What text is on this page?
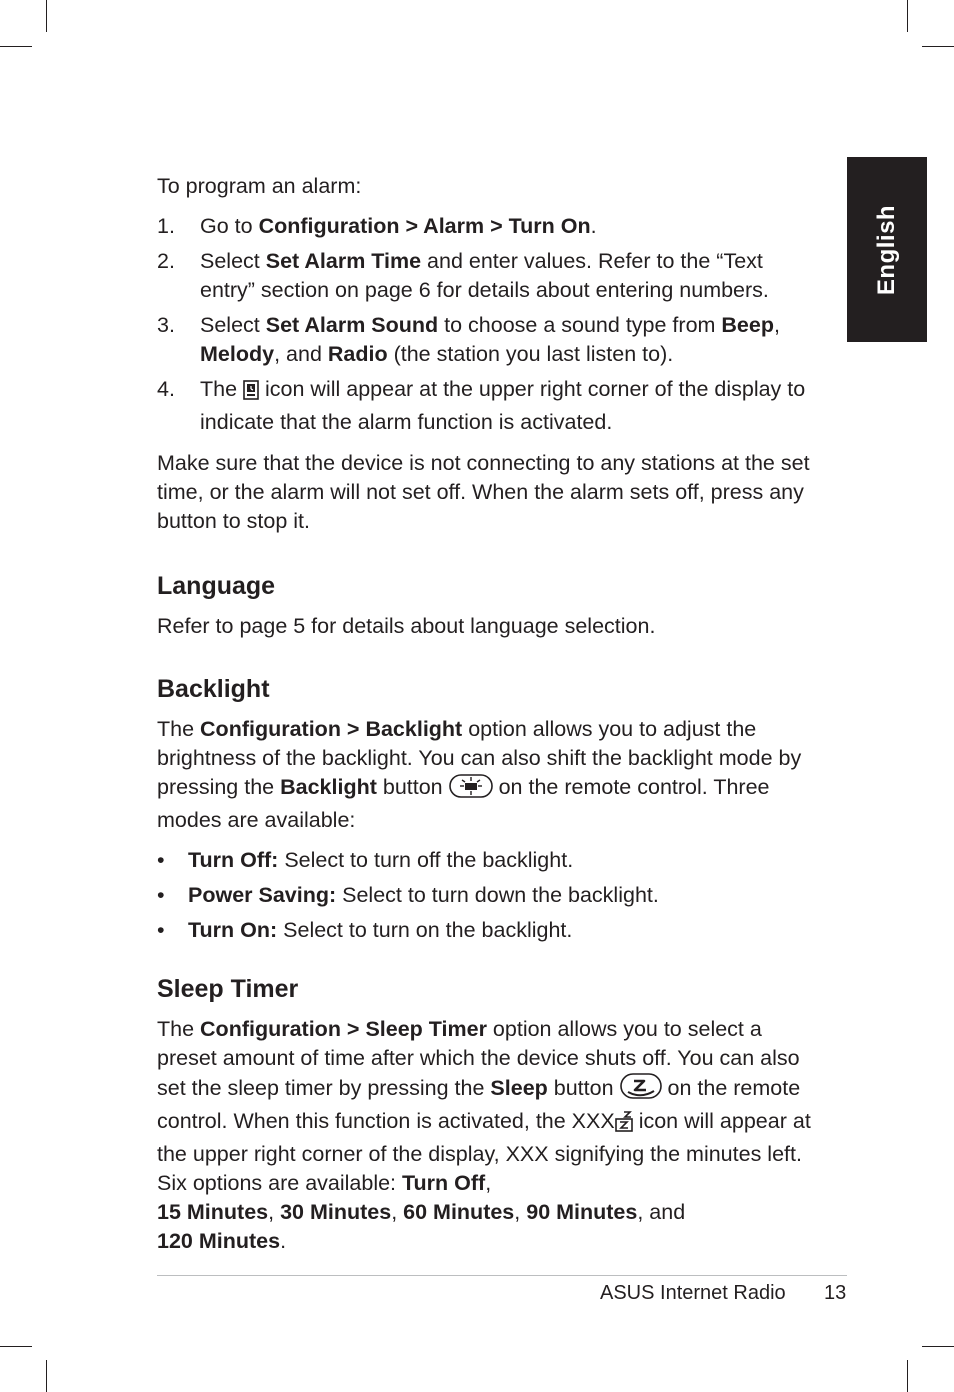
English

To program an alarm:

1.	Go to Configuration > Alarm > Turn On.
2.	Select Set Alarm Time and enter values. Refer to the “Text entry” section on page 6 for details about entering numbers.
3.	Select Set Alarm Sound to choose a sound type from Beep, Melody, and Radio (the station you last listen to).
4.	The  icon will appear at the upper right corner of the display to indicate that the alarm function is activated.

Make sure that the device is not connecting to any stations at the set time, or the alarm will not set off. When the alarm sets off, press any button to stop it.

Language

Refer to page 5 for details about language selection.

Backlight

The Configuration > Backlight option allows you to adjust the brightness of the backlight. You can also shift the backlight mode by pressing the Backlight button  on the remote control. Three modes are available:

•	Turn Off: Select to turn off the backlight.
•	Power Saving: Select to turn down the backlight.
•	Turn On: Select to turn on the backlight.
Sleep Timer

The Configuration > Sleep Timer option allows you to select a preset amount of time after which the device shuts off. You can also set the sleep timer by pressing the Sleep button  on the remote control. When this function is activated, the XXX icon will appear at the upper right corner of the display, XXX signifying the minutes left. Six options are available: Turn Off,
15 Minutes, 30 Minutes, 60 Minutes, 90 Minutes, and
120 Minutes.

ASUS Internet Radio 13
